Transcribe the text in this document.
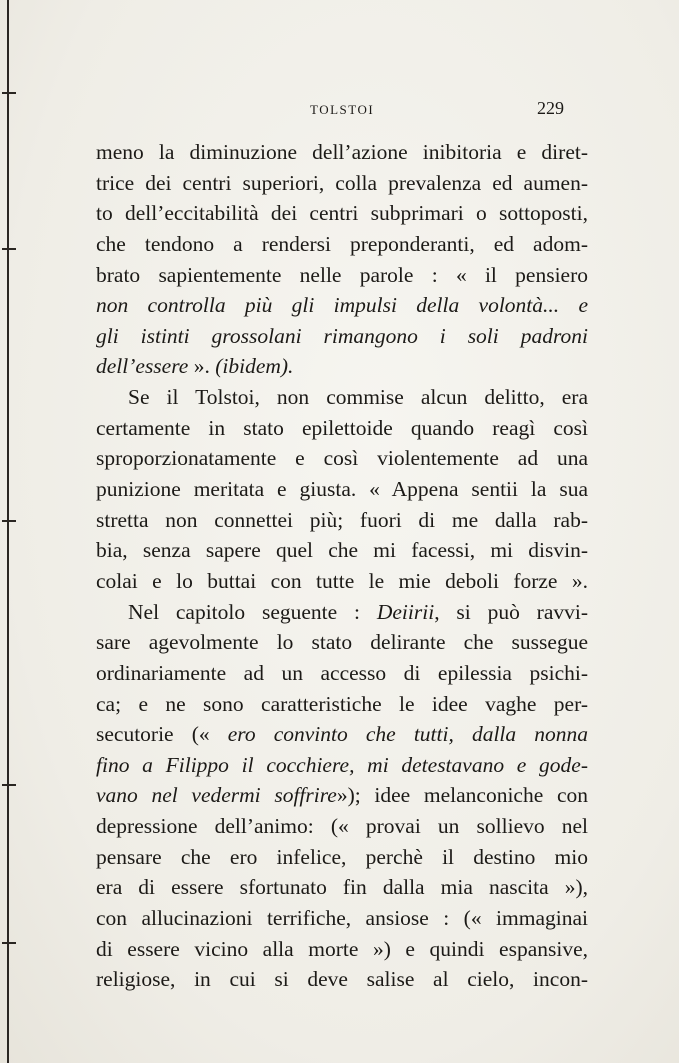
TOLSTOI	229
meno la diminuzione dell’azione inibitoria e diret-
trice dei centri superiori, colla prevalenza ed aumen-
to dell’eccitabilità dei centri subprimari o sottoposti,
che tendono a rendersi preponderanti, ed adom-
brato sapientemente nelle parole : « il pensiero
non controlla più gli impulsi della volontà... e
gli istinti grossolani rimangono i soli padroni
dell’essere ». (ibidem).
Se il Tolstoi, non commise alcun delitto, era
certamente in stato epilettoide quando reagì così
sproporzionatamente e così violentemente ad una
punizione meritata e giusta. « Appena sentii la sua
stretta non connettei più; fuori di me dalla rab-
bia, senza sapere quel che mi facessi, mi disvin-
colai e lo buttai con tutte le mie deboli forze ».
Nel capitolo seguente : Deiirii, si può ravvi-
sare agevolmente lo stato delirante che sussegue
ordinariamente ad un accesso di epilessia psichi-
ca; e ne sono caratteristiche le idee vaghe per-
secutorie (« ero convinto che tutti, dalla nonna
fino a Filippo il cocchiere, mi detestavano e gode-
vano nel vedermi soffrire»); idee melanconiche con
depressione dell’animo: (« provai un sollievo nel
pensare che ero infelice, perchè il destino mio
era di essere sfortunato fin dalla mia nascita »),
con allucinazioni terrifiche, ansiose : (« immaginai
di essere vicino alla morte ») e quindi espansive,
religiose, in cui si deve salise al cielo, incon-
